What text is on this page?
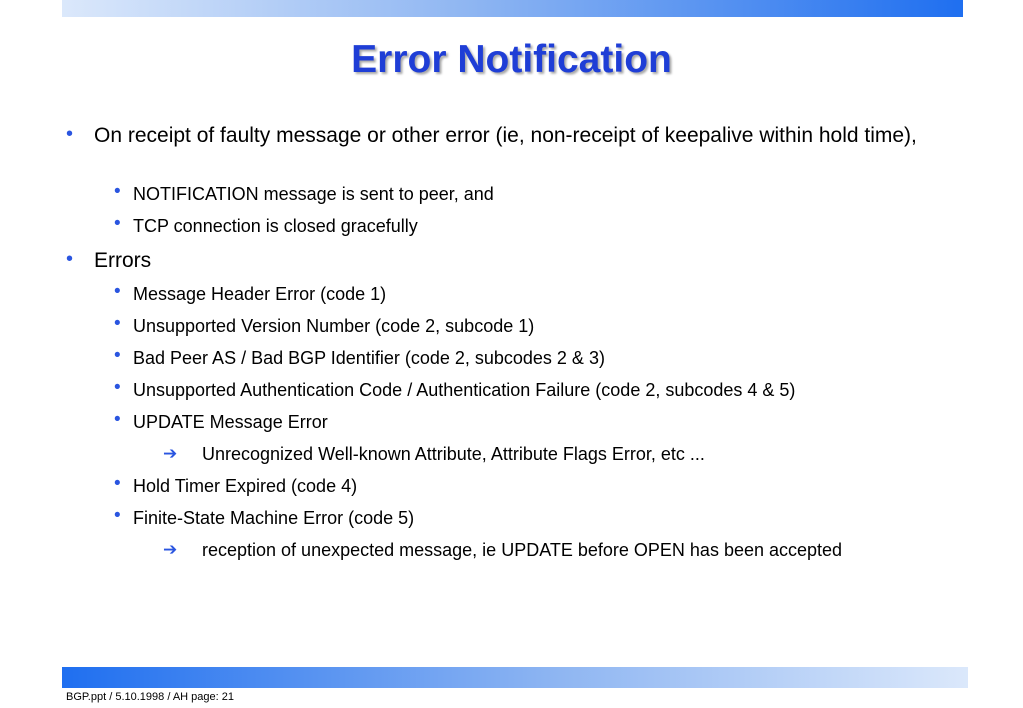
Error Notification
• On receipt of faulty message or other error (ie, non-receipt of keepalive within hold time),
• NOTIFICATION message is sent to peer, and
• TCP connection is closed gracefully
• Errors
• Message Header Error (code 1)
• Unsupported Version Number (code 2, subcode 1)
• Bad Peer AS / Bad BGP Identifier (code 2, subcodes 2 & 3)
• Unsupported Authentication Code / Authentication Failure (code 2, subcodes 4 & 5)
• UPDATE Message Error
➔ Unrecognized Well-known Attribute, Attribute Flags Error, etc ...
• Hold Timer Expired (code 4)
• Finite-State Machine Error (code 5)
➔ reception of unexpected message, ie UPDATE before OPEN has been accepted
BGP.ppt / 5.10.1998 / AH page: 21
